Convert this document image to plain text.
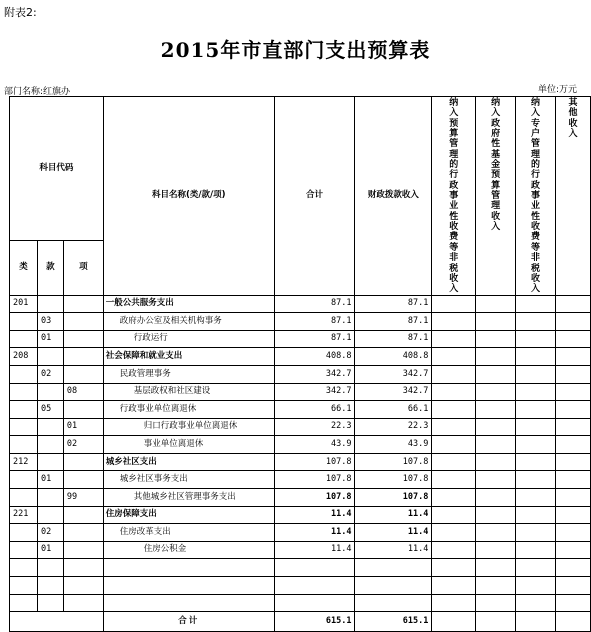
附表2:
2015年市直部门支出预算表
部门名称:红旗办	单位:万元
科目代码			科目名称(类/款/项)	合计	财政拨款收入	纳入预算管理的行政事业性收费等非税收入	纳入政府性基金预算管理收入	纳入专户管理的行政事业性收费等非税收入	其他收入

类	款	项							
201			一般公共服务支出	87.1	87.1				
	03		政府办公室及相关机构事务	87.1	87.1				
	01		行政运行	87.1	87.1				
208			社会保障和就业支出	408.8	408.8				
	02		民政管理事务	342.7	342.7				
		08	基层政权和社区建设	342.7	342.7				
	05		行政事业单位离退休	66.1	66.1				
		01	归口行政事业单位离退休	22.3	22.3				
		02	事业单位离退休	43.9	43.9				
212			城乡社区支出	107.8	107.8				
	01		城乡社区事务支出	107.8	107.8				
		99	其他城乡社区管理事务支出	107.8	107.8				
221			住房保障支出	11.4	11.4				
	02		住房改革支出	11.4	11.4				
	01		住房公积金	11.4	11.4				

			合计	615.1	615.1				
